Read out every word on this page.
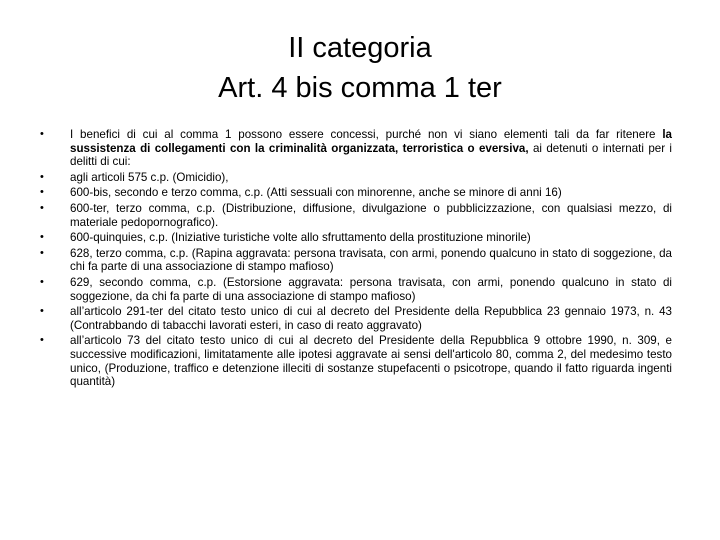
II categoria
Art. 4 bis comma 1 ter
• I benefici di cui al comma 1 possono essere concessi, purché non vi siano elementi tali da far ritenere la sussistenza di collegamenti con la criminalità organizzata, terroristica o eversiva, ai detenuti o internati per i delitti di cui:
• agli articoli 575 c.p. (Omicidio),
• 600-bis, secondo e terzo comma, c.p. (Atti sessuali con minorenne, anche se minore di anni 16)
• 600-ter, terzo comma, c.p. (Distribuzione, diffusione, divulgazione o pubblicizzazione, con qualsiasi mezzo, di materiale pedopornografico).
• 600-quinquies, c.p. (Iniziative turistiche volte allo sfruttamento della prostituzione minorile)
• 628, terzo comma, c.p. (Rapina aggravata: persona travisata, con armi, ponendo qualcuno in stato di soggezione, da chi fa parte di una associazione di stampo mafioso)
• 629, secondo comma, c.p. (Estorsione aggravata: persona travisata, con armi, ponendo qualcuno in stato di soggezione, da chi fa parte di una associazione di stampo mafioso)
• all’articolo 291-ter del citato testo unico di cui al decreto del Presidente della Repubblica 23 gennaio 1973, n. 43 (Contrabbando di tabacchi lavorati esteri, in caso di reato aggravato)
• all’articolo 73 del citato testo unico di cui al decreto del Presidente della Repubblica 9 ottobre 1990, n. 309, e successive modificazioni, limitatamente alle ipotesi aggravate ai sensi dell'articolo 80, comma 2, del medesimo testo unico, (Produzione, traffico e detenzione illeciti di sostanze stupefacenti o psicotrope, quando il fatto riguarda ingenti quantità)
